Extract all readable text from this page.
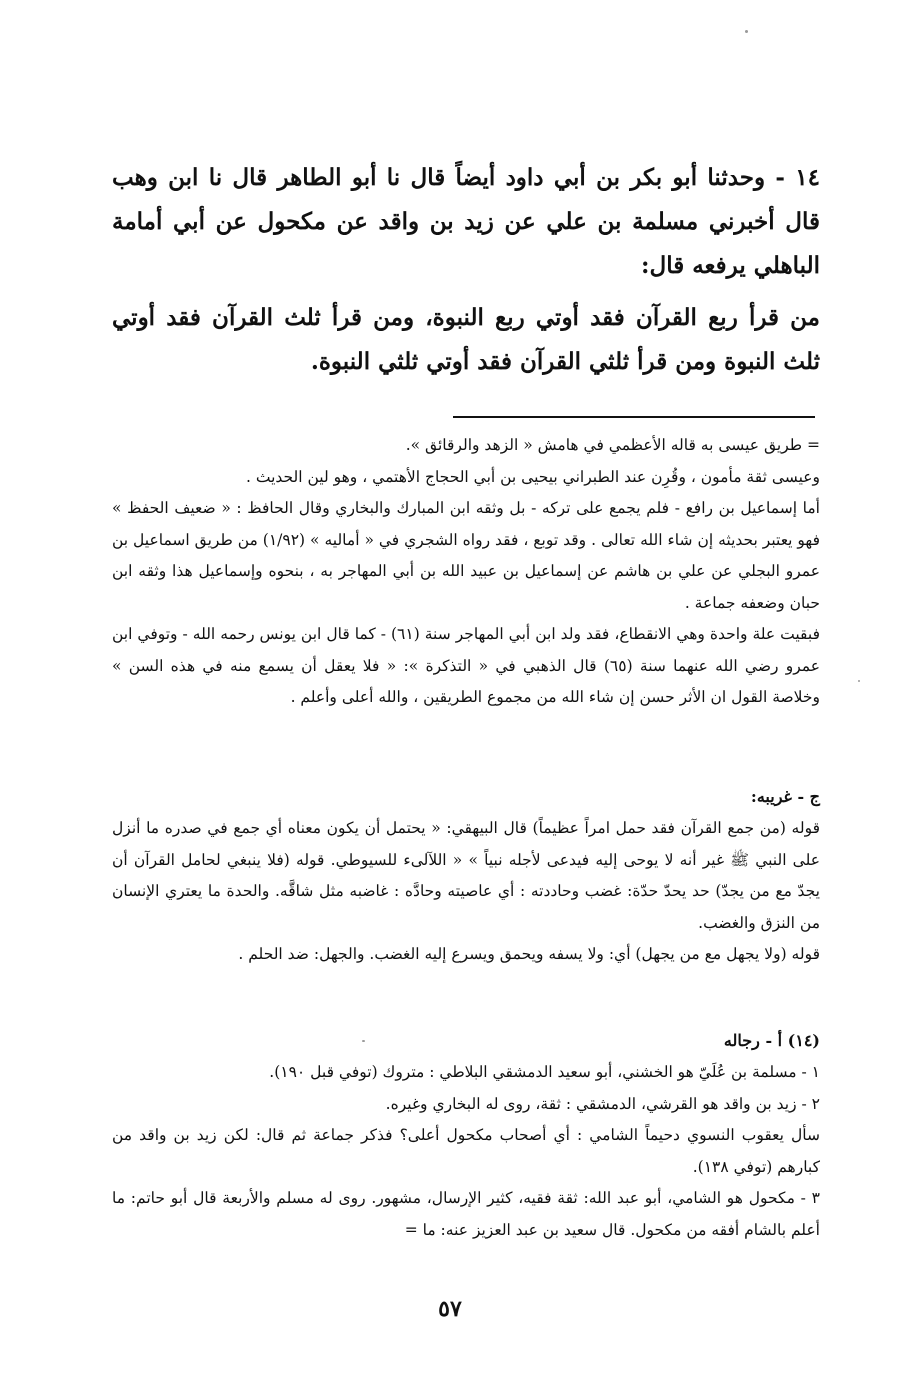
١٤ - وحدثنا أبو بكر بن أبي داود أيضاً قال نا أبو الطاهر قال نا ابن وهب قال أخبرني مسلمة بن علي عن زيد بن واقد عن مكحول عن أبي أمامة الباهلي يرفعه قال:
من قرأ ربع القرآن فقد أوتي ربع النبوة، ومن قرأ ثلث القرآن فقد أوتي ثلث النبوة ومن قرأ ثلثي القرآن فقد أوتي ثلثي النبوة.

= طريق عيسى به قاله الأعظمي في هامش « الزهد والرقائق ».

وعيسى ثقة مأمون ، وقُرِن عند الطبراني بيحيى بن أبي الحجاج الأهتمي ، وهو لين الحديث .

أما إسماعيل بن رافع - فلم يجمع على تركه - بل وثقه ابن المبارك والبخاري وقال الحافظ : « ضعيف الحفظ » فهو يعتبر بحديثه إن شاء الله تعالى . وقد توبع ، فقد رواه الشجري في « أماليه » (١/٩٢) من طريق اسماعيل بن عمرو البجلي عن علي بن هاشم عن إسماعيل بن عبيد الله بن أبي المهاجر به ، بنحوه وإسماعيل هذا وثقه ابن حبان وضعفه جماعة .

فبقيت علة واحدة وهي الانقطاع، فقد ولد ابن أبي المهاجر سنة (٦١) - كما قال ابن يونس رحمه الله - وتوفي ابن عمرو رضي الله عنهما سنة (٦٥) قال الذهبي في « التذكرة »: « فلا يعقل أن يسمع منه في هذه السن » وخلاصة القول ان الأثر حسن إن شاء الله من مجموع الطريقين ، والله أعلى وأعلم .

ج - غريبه:

قوله (من جمع القرآن فقد حمل امراً عظيماً) قال البيهقي: « يحتمل أن يكون معناه أي جمع في صدره ما أنزل على النبي ﷺ غير أنه لا يوحى إليه فيدعى لأجله نبياً » « اللآلىء للسيوطي. قوله (فلا ينبغي لحامل القرآن أن يجدّ مع من يجدّ) حد يحدّ حدّة: غضب وحاددته : أي عاصيته وحادَّه : غاضبه مثل شاقَّه. والحدة ما يعتري الإنسان من النزق والغضب.

قوله (ولا يجهل مع من يجهل) أي: ولا يسفه ويحمق ويسرع إليه الغضب. والجهل: ضد الحلم .

(١٤) أ - رجاله

١ - مسلمة بن عُلَيّ هو الخشني، أبو سعيد الدمشقي البلاطي : متروك (توفي قبل ١٩٠).

٢ - زيد بن واقد هو القرشي، الدمشقي : ثقة، روى له البخاري وغيره.

سأل يعقوب النسوي دحيماً الشامي : أي أصحاب مكحول أعلى؟ فذكر جماعة ثم قال: لكن زيد بن واقد من كبارهم (توفي ١٣٨).

٣ - مكحول هو الشامي، أبو عبد الله: ثقة فقيه، كثير الإرسال، مشهور. روى له مسلم والأربعة قال أبو حاتم: ما أعلم بالشام أفقه من مكحول. قال سعيد بن عبد العزيز عنه: ما =

٥٧
